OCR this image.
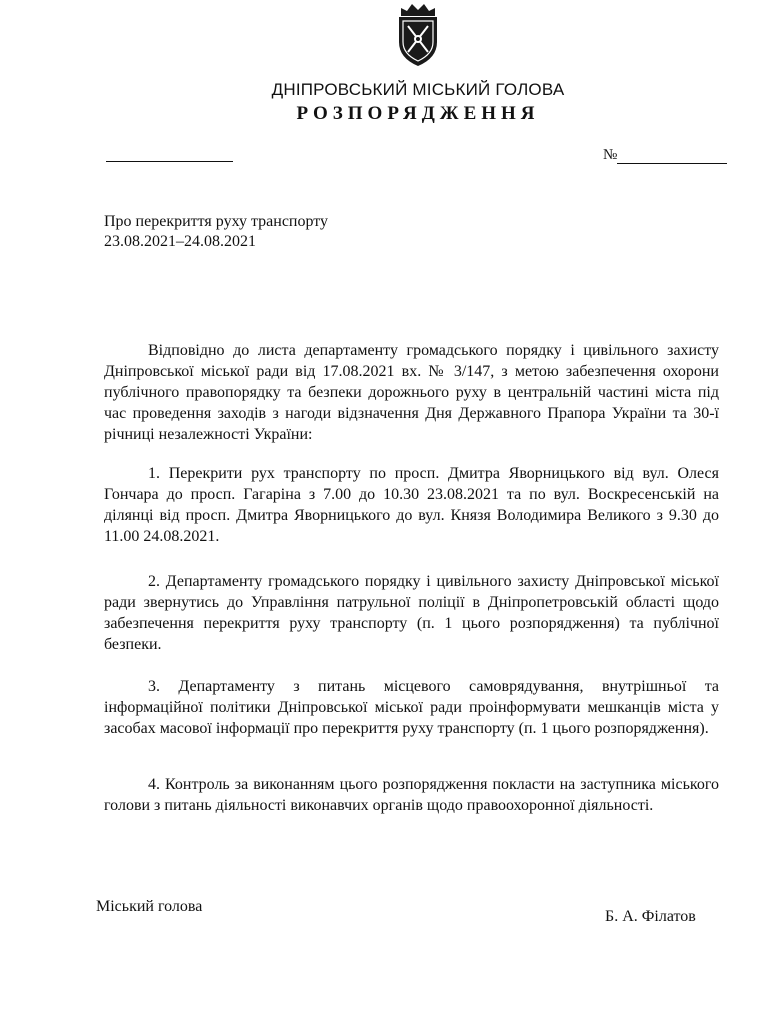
ДНІПРОВСЬКИЙ МІСЬКИЙ ГОЛОВА
РОЗПОРЯДЖЕННЯ
№
Про перекриття руху транспорту
23.08.2021–24.08.2021

Відповідно до листа департаменту громадського порядку і цивільного захисту Дніпровської міської ради від 17.08.2021 вх. № 3/147, з метою забезпечення охорони публічного правопорядку та безпеки дорожнього руху в центральній частині міста під час проведення заходів з нагоди відзначення Дня Державного Прапора України та 30-ї річниці незалежності України:

1. Перекрити рух транспорту по просп. Дмитра Яворницького від вул. Олеся Гончара до просп. Гагаріна з 7.00 до 10.30 23.08.2021 та по вул. Воскресенській на ділянці від просп. Дмитра Яворницького до вул. Князя Володимира Великого з 9.30 до 11.00 24.08.2021.

2. Департаменту громадського порядку і цивільного захисту Дніпровської міської ради звернутись до Управління патрульної поліції в Дніпропетровській області щодо забезпечення перекриття руху транспорту (п. 1 цього розпорядження) та публічної безпеки.

3. Департаменту з питань місцевого самоврядування, внутрішньої та інформаційної політики Дніпровської міської ради проінформувати мешканців міста у засобах масової інформації про перекриття руху транспорту (п. 1 цього розпорядження).

4. Контроль за виконанням цього розпорядження покласти на заступника міського голови з питань діяльності виконавчих органів щодо правоохоронної діяльності.

Міський голова
Б. А. Філатов
